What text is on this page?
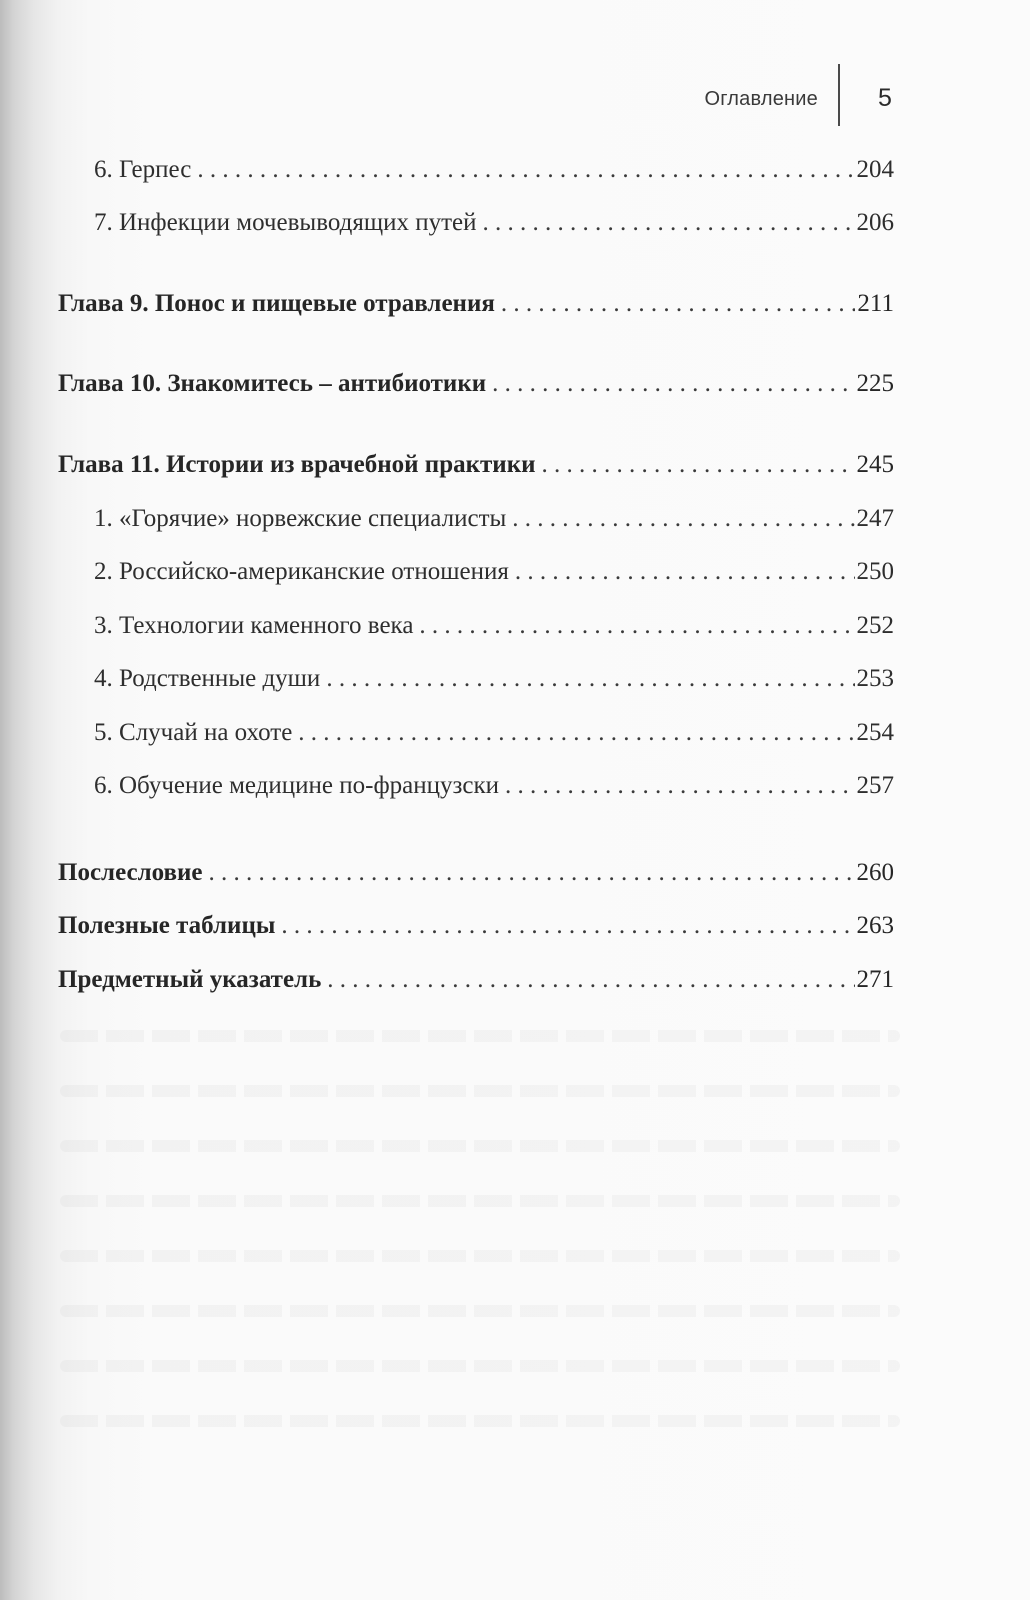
Оглавление 5
6. Герпес . . .	204
7. Инфекции мочевыводящих путей . . .	206
Глава 9. Понос и пищевые отравления . . .	211
Глава 10. Знакомитесь – антибиотики . . .	225
Глава 11. Истории из врачебной практики . . .	245
1. «Горячие» норвежские специалисты . . .	247
2. Российско-американские отношения . . .	250
3. Технологии каменного века . . .	252
4. Родственные души . . .	253
5. Случай на охоте . . .	254
6. Обучение медицине по-французски . . .	257
Послесловие . . .	260
Полезные таблицы . . .	263
Предметный указатель . . .	271
